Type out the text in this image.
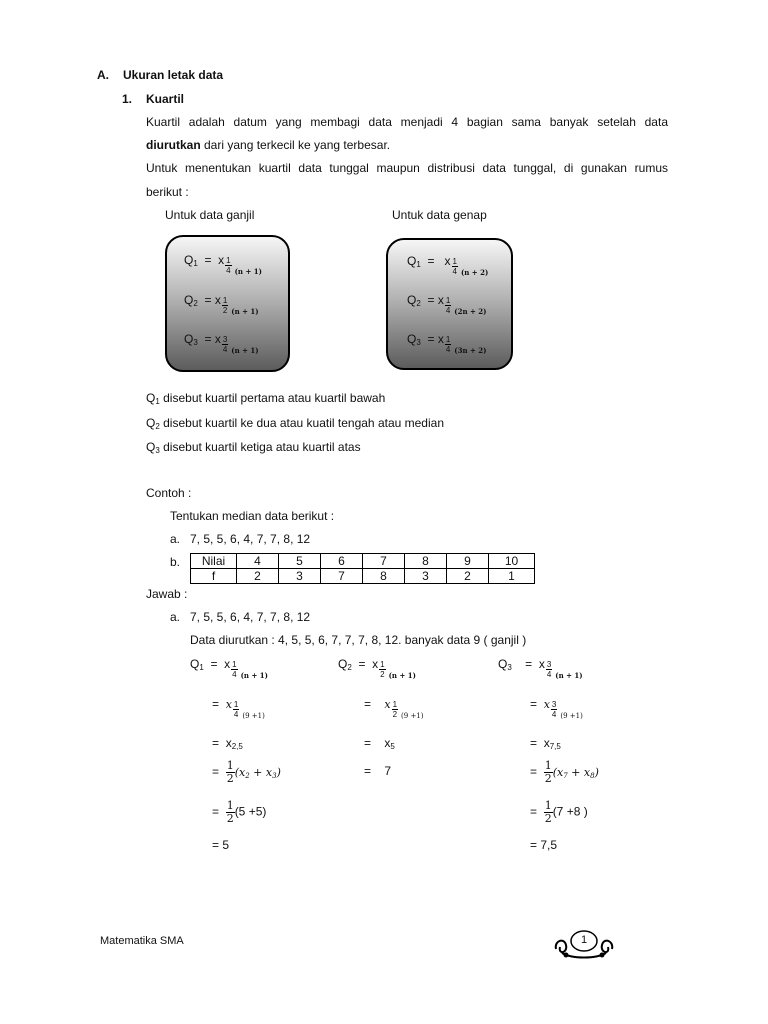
A. Ukuran letak data
1. Kuartil
Kuartil adalah datum yang membagi data menjadi 4 bagian sama banyak setelah data
diurutkan dari yang terkecil ke yang terbesar.
Untuk menentukan kuartil data tunggal maupun distribusi data tunggal, di gunakan rumus
berikut :
Untuk data ganjil	Untuk data genap
$Q_1 = x \frac{1}{4} _{(n + 1)}$
$Q_2 = x \frac{1}{2} _{(n + 1)}$
$Q_3 = x \frac{3}{4} _{(n + 1)}$
$Q_1 = x \frac{1}{4} _{(n + 2)}$
$Q_2 = x \frac{1}{4} _{(2n + 2)}$
$Q_3 = x \frac{1}{4} _{(3n + 2)}$
$Q_1$ disebut kuartil pertama atau kuartil bawah
$Q_2$ disebut kuartil ke dua atau kuatil tengah atau median
$Q_3$ disebut kuartil ketiga atau kuartil atas
Contoh :
Tentukan median data berikut :
a. 7, 5, 5, 6, 4, 7, 7, 8, 12
b. Nilai	4	5	6	7	8	9	10
f	2	3	7	8	3	2	1
Jawab :
a. 7, 5, 5, 6, 4, 7, 7, 8, 12
Data diurutkan : 4, 5, 5, 6, 7, 7, 7, 8, 12. banyak data 9 ( ganjil )
$Q_1 = x \frac{1}{4} _{(n + 1)}$
= x $\frac{1}{4} _{(9 +1)}$
= $x_{2,5}$
= $\frac{1}{2}(x_2 + x_3)$
= $\frac{1}{2}(5 +5)$
= 5
$Q_2 = x \frac{1}{2} _{(n + 1)}$
= x $\frac{1}{2} _{(9 +1)}$
= $x_5$
= 7
$Q_3 = x \frac{3}{4} _{(n + 1)}$
= x $\frac{3}{4} _{(9 +1)}$
= $x_{7,5}$
= $\frac{1}{2}(x_7 + x_8)$
= $\frac{1}{2}(7 +8$ )
= 7,5
Matematika SMA	1
